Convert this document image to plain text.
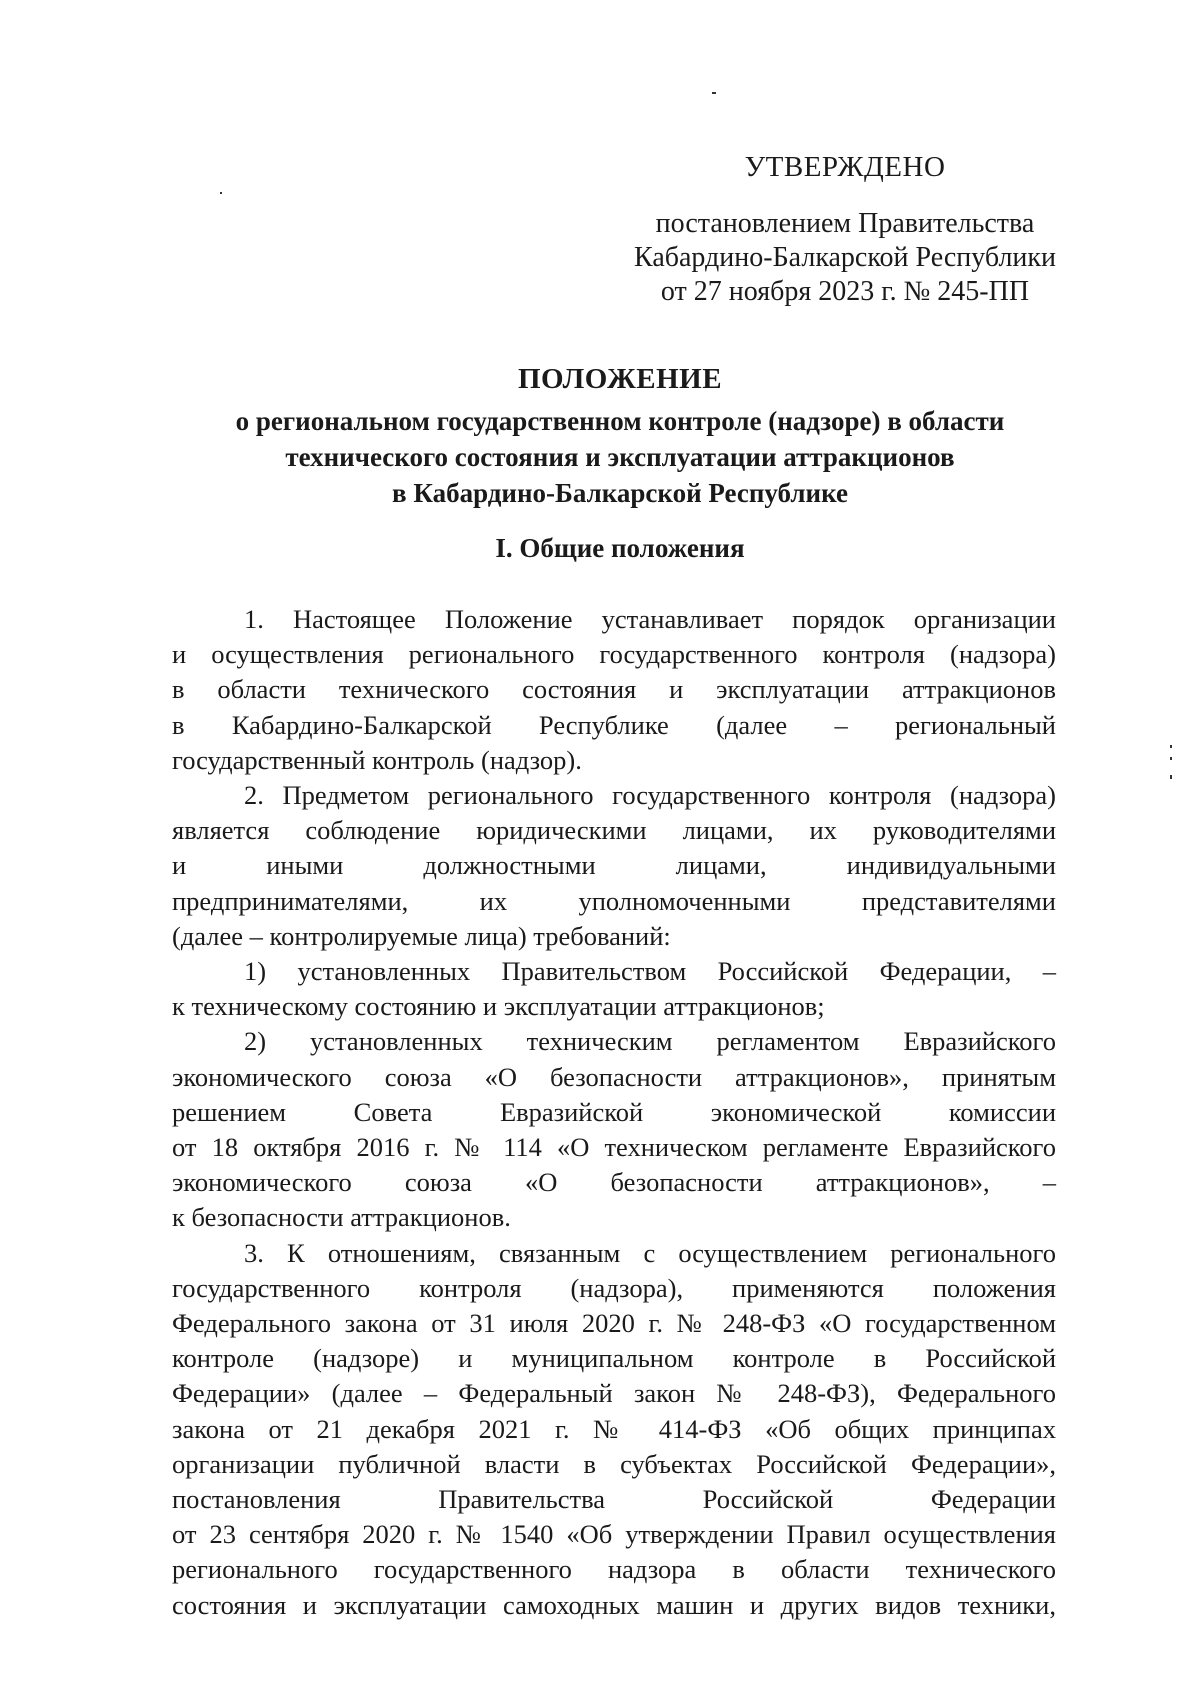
УТВЕРЖДЕНО
постановлением Правительства
Кабардино-Балкарской Республики
от 27 ноября 2023 г. № 245-ПП
ПОЛОЖЕНИЕ
о региональном государственном контроле (надзоре) в области
технического состояния и эксплуатации аттракционов
в Кабардино-Балкарской Республике
I. Общие положения

1. Настоящее Положение устанавливает порядок организации
и осуществления регионального государственного контроля (надзора)
в области технического состояния и эксплуатации аттракционов
в Кабардино-Балкарской Республике (далее – региональный
государственный контроль (надзор).

2. Предметом регионального государственного контроля (надзора)
является соблюдение юридическими лицами, их руководителями
и иными должностными лицами, индивидуальными
предпринимателями, их уполномоченными представителями
(далее – контролируемые лица) требований:

1) установленных Правительством Российской Федерации, –
к техническому состоянию и эксплуатации аттракционов;

2) установленных техническим регламентом Евразийского
экономического союза «О безопасности аттракционов», принятым
решением Совета Евразийской экономической комиссии
от 18 октября 2016 г. № 114 «О техническом регламенте Евразийского
экономического союза «О безопасности аттракционов», –
к безопасности аттракционов.

3. К отношениям, связанным с осуществлением регионального
государственного контроля (надзора), применяются положения
Федерального закона от 31 июля 2020 г. № 248-ФЗ «О государственном
контроле (надзоре) и муниципальном контроле в Российской
Федерации» (далее – Федеральный закон № 248-ФЗ), Федерального
закона от 21 декабря 2021 г. № 414-ФЗ «Об общих принципах
организации публичной власти в субъектах Российской Федерации»,
постановления Правительства Российской Федерации
от 23 сентября 2020 г. № 1540 «Об утверждении Правил осуществления
регионального государственного надзора в области технического
состояния и эксплуатации самоходных машин и других видов техники,
